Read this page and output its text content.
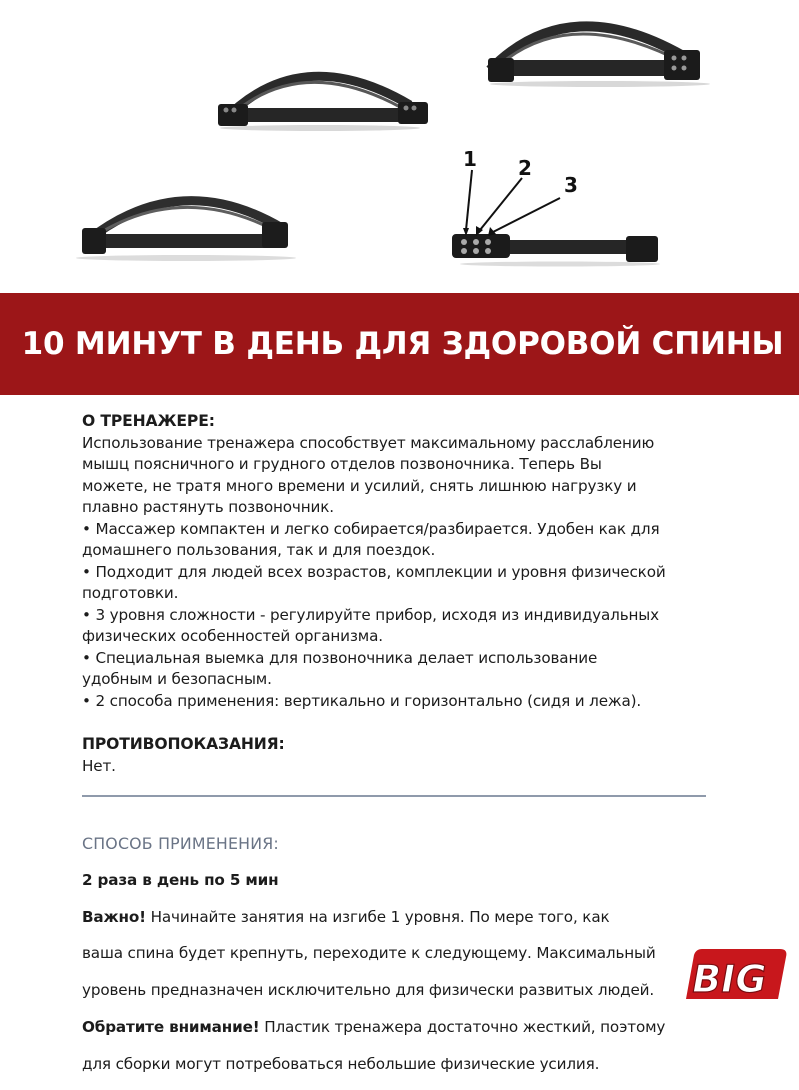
1 2
3
10 МИНУТ В ДЕНЬ ДЛЯ ЗДОРОВОЙ СПИНЫ

О ТРЕНАЖЕРЕ:

Использование тренажера способствует максимальному расслаблению

мышц поясничного и грудного отделов позвоночника. Теперь Вы

можете, не тратя много времени и усилий, снять лишнюю нагрузку и

плавно растянуть позвоночник.

• Массажер компактен и легко собирается/разбирается. Удобен как для

домашнего пользования, так и для поездок.

• Подходит для людей всех возрастов, комплекции и уровня физической

подготовки.

• 3 уровня сложности - регулируйте прибор, исходя из индивидуальных

физических особенностей организма.

• Специальная выемка для позвоночника делает использование

удобным и безопасным.

• 2 способа применения: вертикально и горизонтально (сидя и лежа).

ПРОТИВОПОКАЗАНИЯ:

Нет.

СПОСОБ ПРИМЕНЕНИЯ:

2 раза в день по 5 мин

Важно! Начинайте занятия на изгибе 1 уровня. По мере того, как

ваша спина будет крепнуть, переходите к следующему. Максимальный

уровень предназначен исключительно для физически развитых людей.

Обратите внимание! Пластик тренажера достаточно жесткий, поэтому

для сборки могут потребоваться небольшие физические усилия.

BIG
